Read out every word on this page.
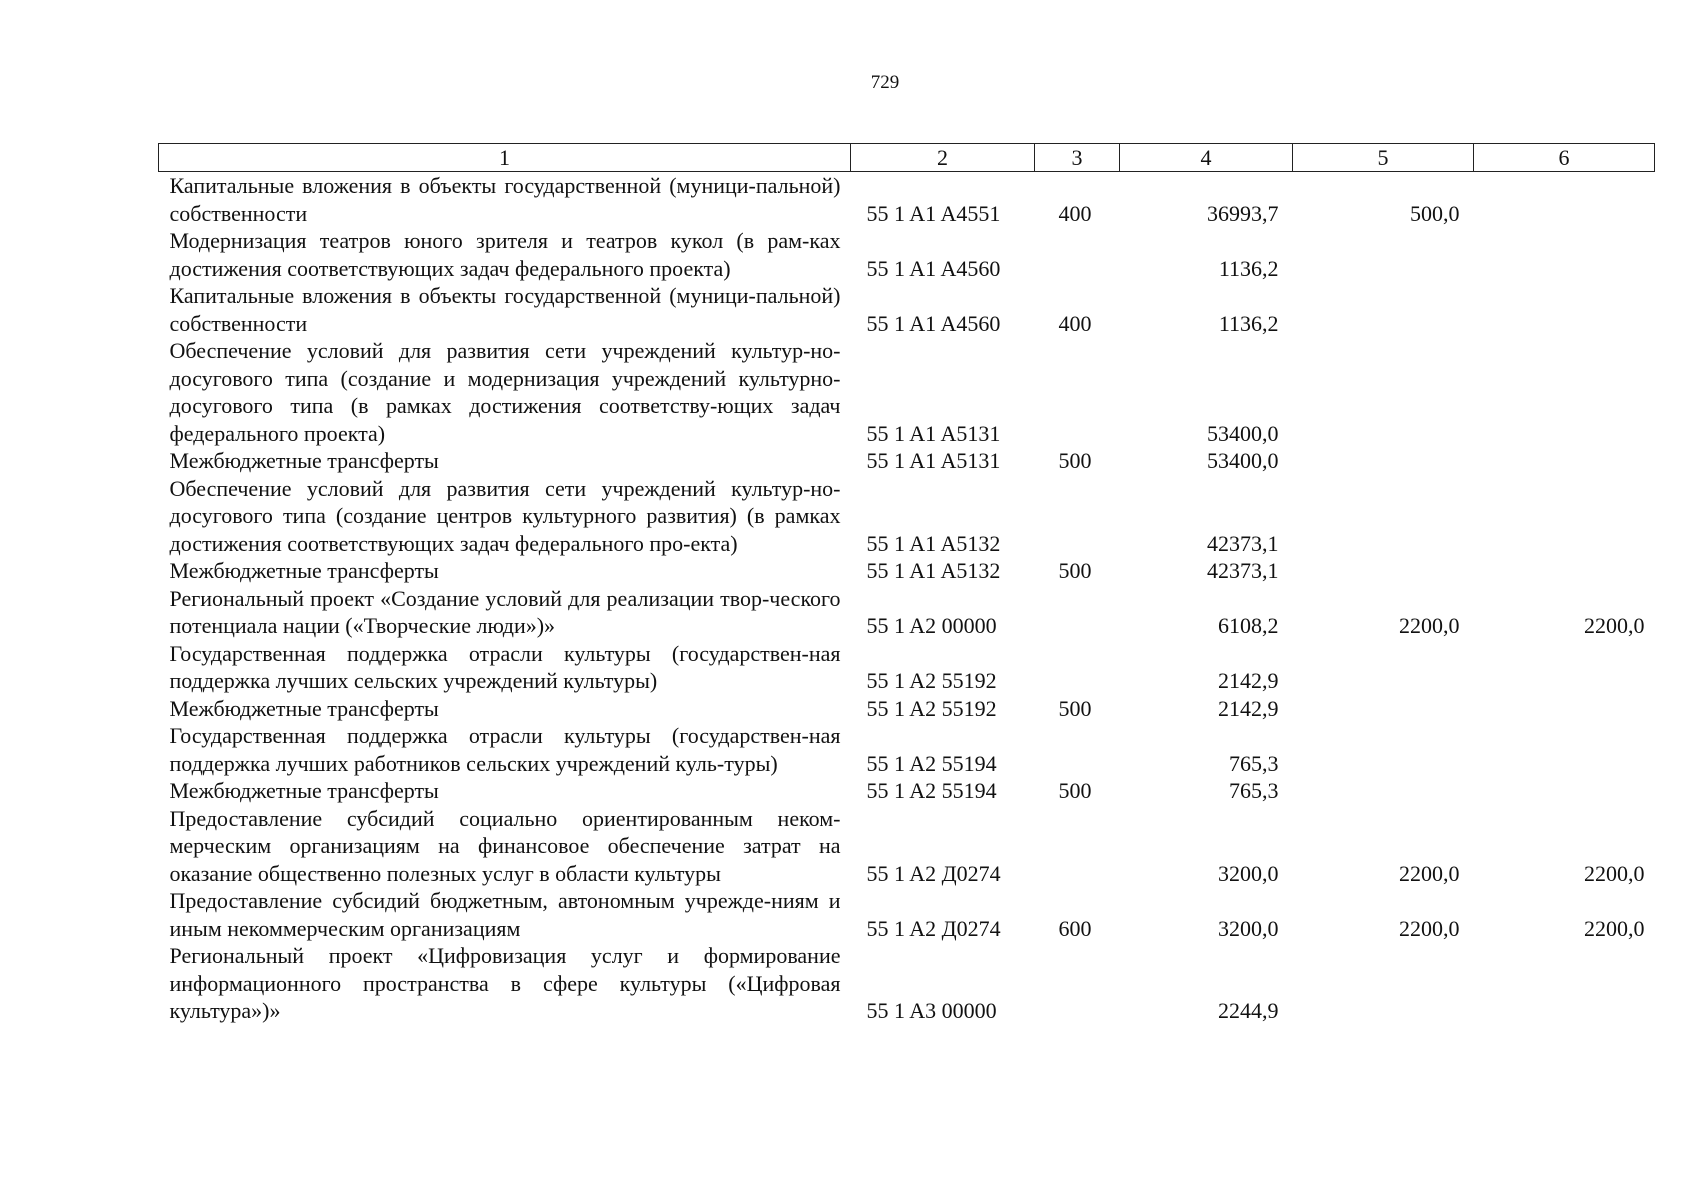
729
1	2	3	4	5	6
Капитальные вложения в объекты государственной (муници-пальной) собственности	55 1 A1 A4551	400	36993,7	500,0	
Модернизация театров юного зрителя и театров кукол (в рам-ках достижения соответствующих задач федерального проекта)	55 1 A1 A4560		1136,2		
Капитальные вложения в объекты государственной (муници-пальной) собственности	55 1 A1 A4560	400	1136,2		
Обеспечение условий для развития сети учреждений культур-но-досугового типа (создание и модернизация учреждений культурно-досугового типа (в рамках достижения соответству-ющих задач федерального проекта)	55 1 A1 A5131		53400,0		
Межбюджетные трансферты	55 1 A1 A5131	500	53400,0		
Обеспечение условий для развития сети учреждений культур-но-досугового типа (создание центров культурного развития) (в рамках достижения соответствующих задач федерального про-екта)	55 1 A1 A5132		42373,1		
Межбюджетные трансферты	55 1 A1 A5132	500	42373,1		
Региональный проект «Создание условий для реализации твор-ческого потенциала нации («Творческие люди»)»	55 1 A2 00000		6108,2	2200,0	2200,0
Государственная поддержка отрасли культуры (государствен-ная поддержка лучших сельских учреждений культуры)	55 1 A2 55192		2142,9		
Межбюджетные трансферты	55 1 A2 55192	500	2142,9		
Государственная поддержка отрасли культуры (государствен-ная поддержка лучших работников сельских учреждений куль-туры)	55 1 A2 55194		765,3		
Межбюджетные трансферты	55 1 A2 55194	500	765,3		
Предоставление субсидий социально ориентированным неком-мерческим организациям на финансовое обеспечение затрат на оказание общественно полезных услуг в области культуры	55 1 A2 Д0274		3200,0	2200,0	2200,0
Предоставление субсидий бюджетным, автономным учрежде-ниям и иным некоммерческим организациям	55 1 A2 Д0274	600	3200,0	2200,0	2200,0
Региональный проект «Цифровизация услуг и формирование информационного пространства в сфере культуры («Цифровая культура»)»	55 1 A3 00000		2244,9		
